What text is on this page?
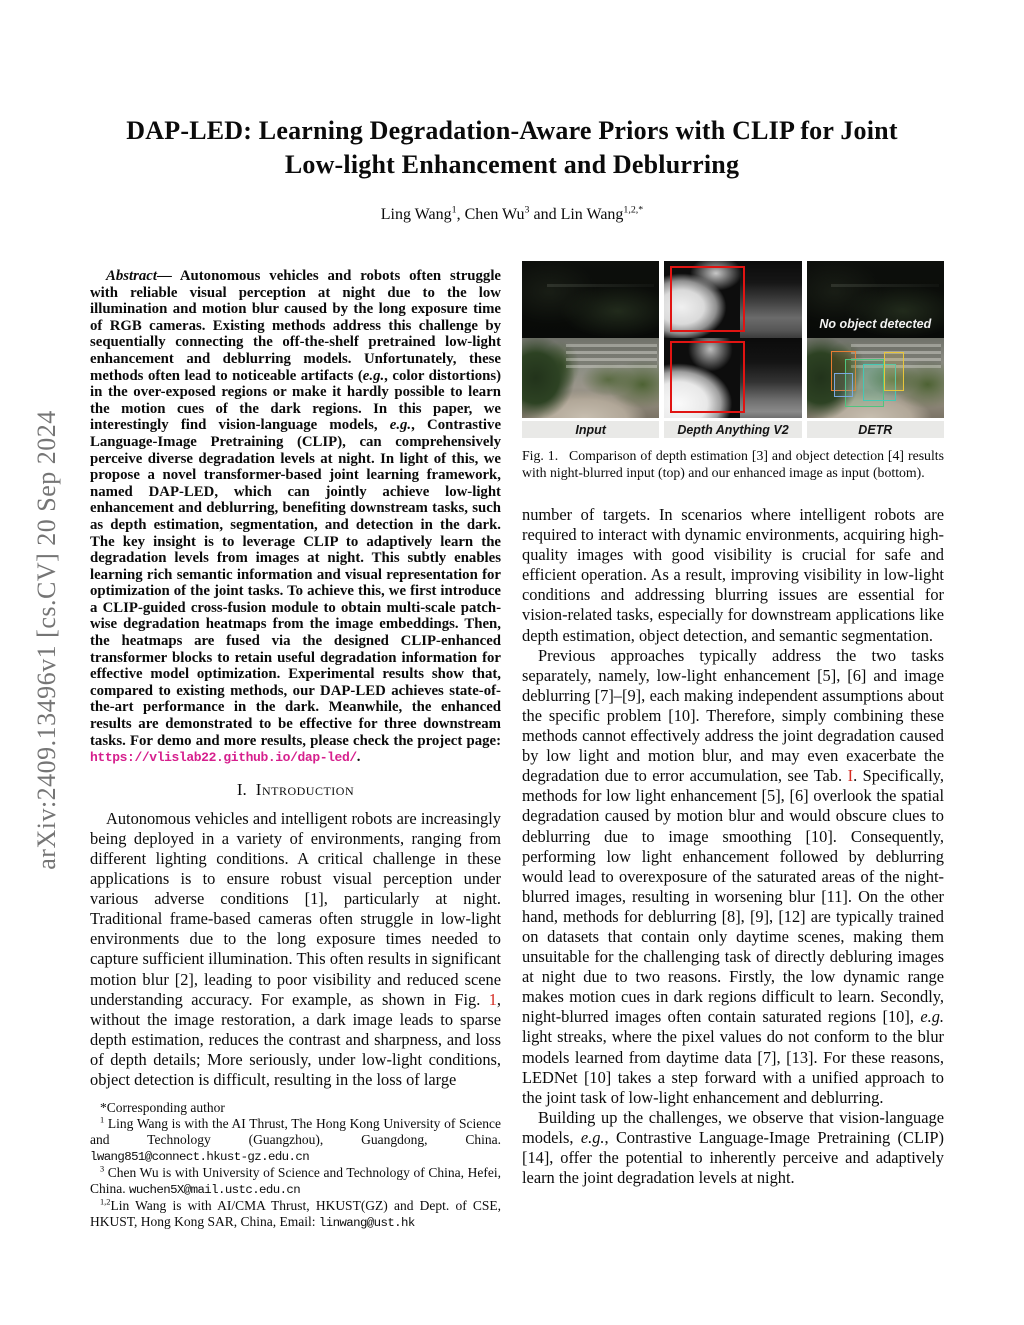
arXiv:2409.13496v1 [cs.CV] 20 Sep 2024
DAP-LED: Learning Degradation-Aware Priors with CLIP for Joint
Low-light Enhancement and Deblurring
Ling Wang$^1$, Chen Wu$^3$ and Lin Wang$^{1,2,*}$

Abstract— Autonomous vehicles and robots often struggle with reliable visual perception at night due to the low illumination and motion blur caused by the long exposure time of RGB cameras. Existing methods address this challenge by sequentially connecting the off-the-shelf pretrained low-light enhancement and deblurring models. Unfortunately, these methods often lead to noticeable artifacts (e.g., color distortions) in the over-exposed regions or make it hardly possible to learn the motion cues of the dark regions. In this paper, we interestingly find vision-language models, e.g., Contrastive Language-Image Pretraining (CLIP), can comprehensively perceive diverse degradation levels at night. In light of this, we propose a novel transformer-based joint learning framework, named DAP-LED, which can jointly achieve low-light enhancement and deblurring, benefiting downstream tasks, such as depth estimation, segmentation, and detection in the dark. The key insight is to leverage CLIP to adaptively learn the degradation levels from images at night. This subtly enables learning rich semantic information and visual representation for optimization of the joint tasks. To achieve this, we first introduce a CLIP-guided cross-fusion module to obtain multi-scale patch-wise degradation heatmaps from the image embeddings. Then, the heatmaps are fused via the designed CLIP-enhanced transformer blocks to retain useful degradation information for effective model optimization. Experimental results show that, compared to existing methods, our DAP-LED achieves state-of-the-art performance in the dark. Meanwhile, the enhanced results are demonstrated to be effective for three downstream tasks. For demo and more results, please check the project page: https://vlislab22.github.io/dap-led/.

I. Introduction

Autonomous vehicles and intelligent robots are increasingly being deployed in a variety of environments, ranging from different lighting conditions. A critical challenge in these applications is to ensure robust visual perception under various adverse conditions [1], particularly at night. Traditional frame-based cameras often struggle in low-light environments due to the long exposure times needed to capture sufficient illumination. This often results in significant motion blur [2], leading to poor visibility and reduced scene understanding accuracy. For example, as shown in Fig. 1, without the image restoration, a dark image leads to sparse depth estimation, reduces the contrast and sharpness, and loss of depth details; More seriously, under low-light conditions, object detection is difficult, resulting in the loss of large

*Corresponding author

$^1$ Ling Wang is with the AI Thrust, The Hong Kong University of Science and Technology (Guangzhou), Guangdong, China. lwang851@connect.hkust-gz.edu.cn

$^3$ Chen Wu is with University of Science and Technology of China, Hefei, China. wuchen5X@mail.ustc.edu.cn

$^{1,2}$Lin Wang is with AI/CMA Thrust, HKUST(GZ) and Dept. of CSE, HKUST, Hong Kong SAR, China, Email: linwang@ust.hk

Input	Depth Anything V2
No object detected
DETR

Fig. 1.  Comparison of depth estimation [3] and object detection [4] results with night-blurred input (top) and our enhanced image as input (bottom).

number of targets. In scenarios where intelligent robots are required to interact with dynamic environments, acquiring high-quality images with good visibility is crucial for safe and efficient operation. As a result, improving visibility in low-light conditions and addressing blurring issues are essential for vision-related tasks, especially for downstream applications like depth estimation, object detection, and semantic segmentation.

Previous approaches typically address the two tasks separately, namely, low-light enhancement [5], [6] and image deblurring [7]–[9], each making independent assumptions about the specific problem [10]. Therefore, simply combining these methods cannot effectively address the joint degradation caused by low light and motion blur, and may even exacerbate the degradation due to error accumulation, see Tab. I. Specifically, methods for low light enhancement [5], [6] overlook the spatial degradation caused by motion blur and would obscure clues to deblurring due to image smoothing [10]. Consequently, performing low light enhancement followed by deblurring would lead to overexposure of the saturated areas of the night-blurred images, resulting in worsening blur [11]. On the other hand, methods for deblurring [8], [9], [12] are typically trained on datasets that contain only daytime scenes, making them unsuitable for the challenging task of directly debluring images at night due to two reasons. Firstly, the low dynamic range makes motion cues in dark regions difficult to learn. Secondly, night-blurred images often contain saturated regions [10], e.g. light streaks, where the pixel values do not conform to the blur models learned from daytime data [7], [13]. For these reasons, LEDNet [10] takes a step forward with a unified approach to the joint task of low-light enhancement and deblurring.

Building up the challenges, we observe that vision-language models, e.g., Contrastive Language-Image Pretraining (CLIP) [14], offer the potential to inherently perceive and adaptively learn the joint degradation levels at night.
